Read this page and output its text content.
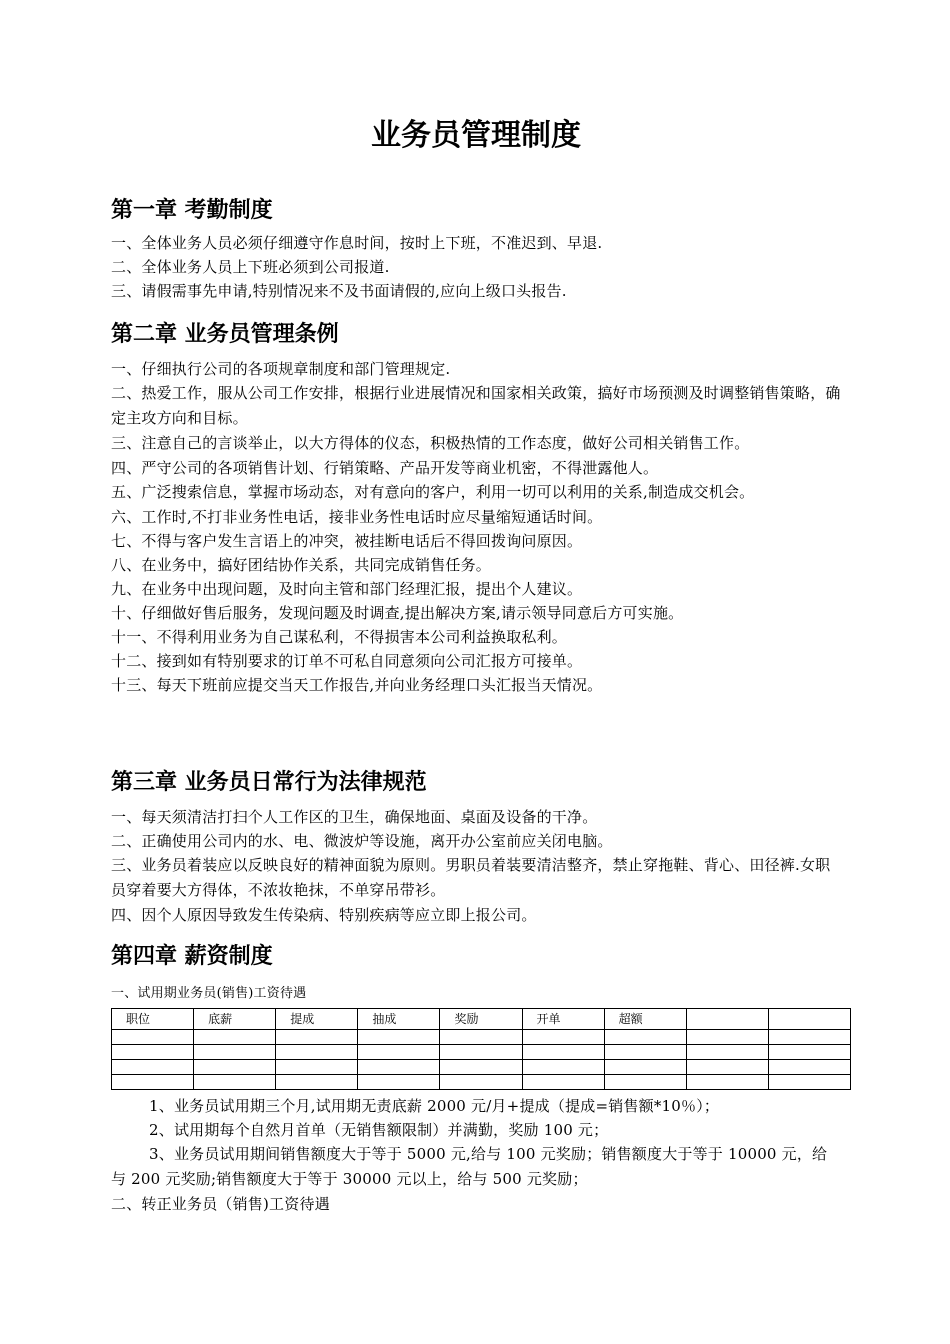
业务员管理制度
第一章 考勤制度

一、全体业务人员必须仔细遵守作息时间，按时上下班，不准迟到、早退.

二、全体业务人员上下班必须到公司报道.

三、请假需事先申请,特别情况来不及书面请假的,应向上级口头报告.

第二章 业务员管理条例

一、仔细执行公司的各项规章制度和部门管理规定.

二、热爱工作，服从公司工作安排，根据行业进展情况和国家相关政策，搞好市场预测及时调整销售策略，确定主攻方向和目标。

三、注意自己的言谈举止，以大方得体的仪态，积极热情的工作态度，做好公司相关销售工作。

四、严守公司的各项销售计划、行销策略、产品开发等商业机密，不得泄露他人。

五、广泛搜索信息，掌握市场动态，对有意向的客户，利用一切可以利用的关系,制造成交机会。

六、工作时,不打非业务性电话，接非业务性电话时应尽量缩短通话时间。

七、不得与客户发生言语上的冲突，被挂断电话后不得回拨询问原因。

八、在业务中，搞好团结协作关系，共同完成销售任务。

九、在业务中出现问题，及时向主管和部门经理汇报，提出个人建议。

十、仔细做好售后服务，发现问题及时调查,提出解决方案,请示领导同意后方可实施。

十一、不得利用业务为自己谋私利，不得损害本公司利益换取私利。

十二、接到如有特别要求的订单不可私自同意须向公司汇报方可接单。

十三、每天下班前应提交当天工作报告,并向业务经理口头汇报当天情况。

第三章 业务员日常行为法律规范

一、每天须清洁打扫个人工作区的卫生，确保地面、桌面及设备的干净。

二、正确使用公司内的水、电、微波炉等设施，离开办公室前应关闭电脑。

三、业务员着装应以反映良好的精神面貌为原则。男职员着装要清洁整齐，禁止穿拖鞋、背心、田径裤.女职员穿着要大方得体，不浓妆艳抹，不单穿吊带衫。

四、因个人原因导致发生传染病、特别疾病等应立即上报公司。

第四章 薪资制度

一、试用期业务员(销售)工资待遇

职位	底薪	提成	抽成	奖励	开单	超额		

1、业务员试用期三个月,试用期无责底薪 2000 元/月+提成（提成=销售额*10％）；

2、试用期每个自然月首单（无销售额限制）并满勤，奖励 100 元；

3、业务员试用期间销售额度大于等于 5000 元,给与 100 元奖励；销售额度大于等于 10000 元，给与 200 元奖励;销售额度大于等于 30000 元以上，给与 500 元奖励；

二、转正业务员（销售)工资待遇
